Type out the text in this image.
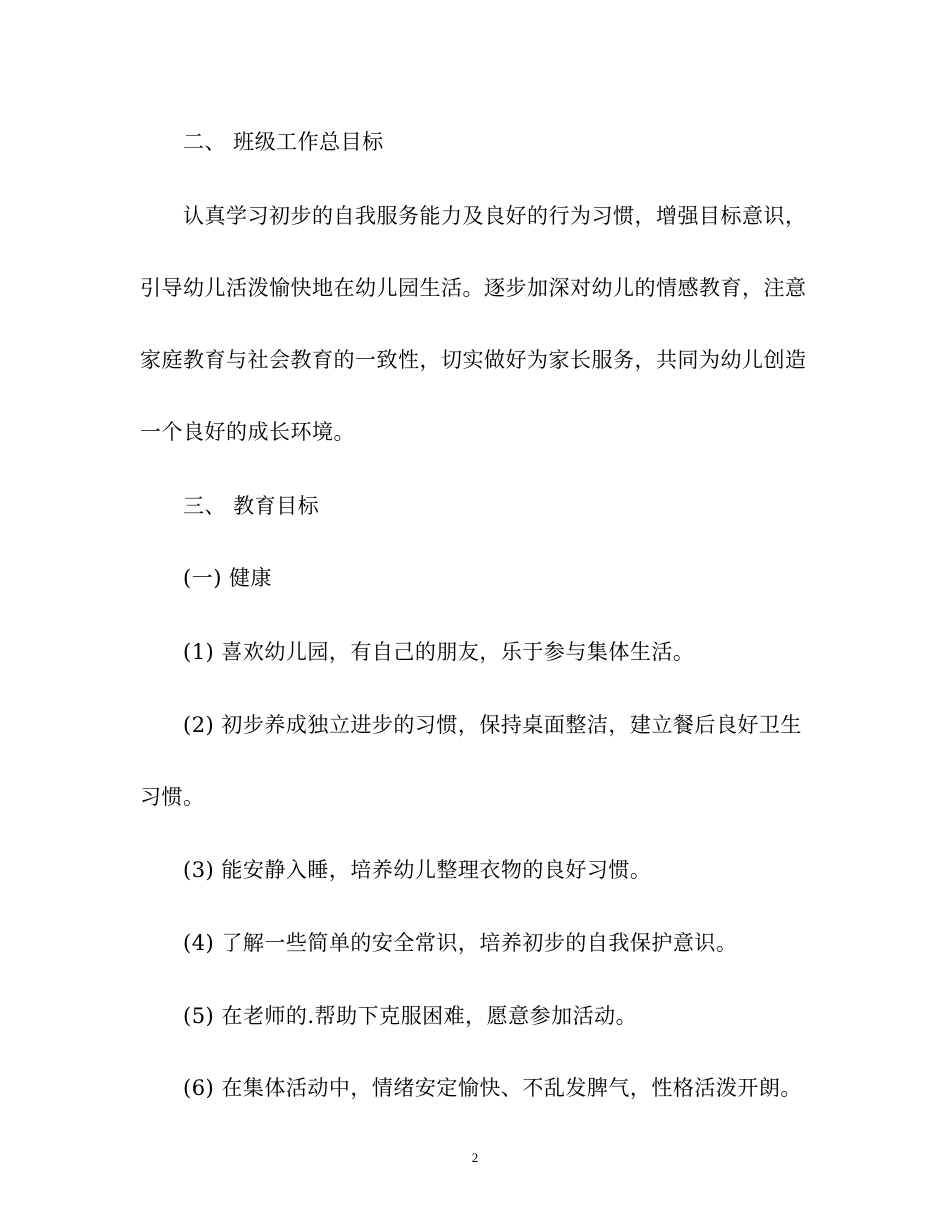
二、 班级工作总目标
认真学习初步的自我服务能力及良好的行为习惯，增强目标意识，
引导幼儿活泼愉快地在幼儿园生活。逐步加深对幼儿的情感教育，注意
家庭教育与社会教育的一致性，切实做好为家长服务，共同为幼儿创造
一个良好的成长环境。
三、 教育目标
(一) 健康
(1) 喜欢幼儿园，有自己的朋友，乐于参与集体生活。
(2) 初步养成独立进步的习惯，保持桌面整洁，建立餐后良好卫生
习惯。
(3) 能安静入睡，培养幼儿整理衣物的良好习惯。
(4) 了解一些简单的安全常识，培养初步的自我保护意识。
(5) 在老师的.帮助下克服困难，愿意参加活动。
(6) 在集体活动中，情绪安定愉快、不乱发脾气，性格活泼开朗。
2
